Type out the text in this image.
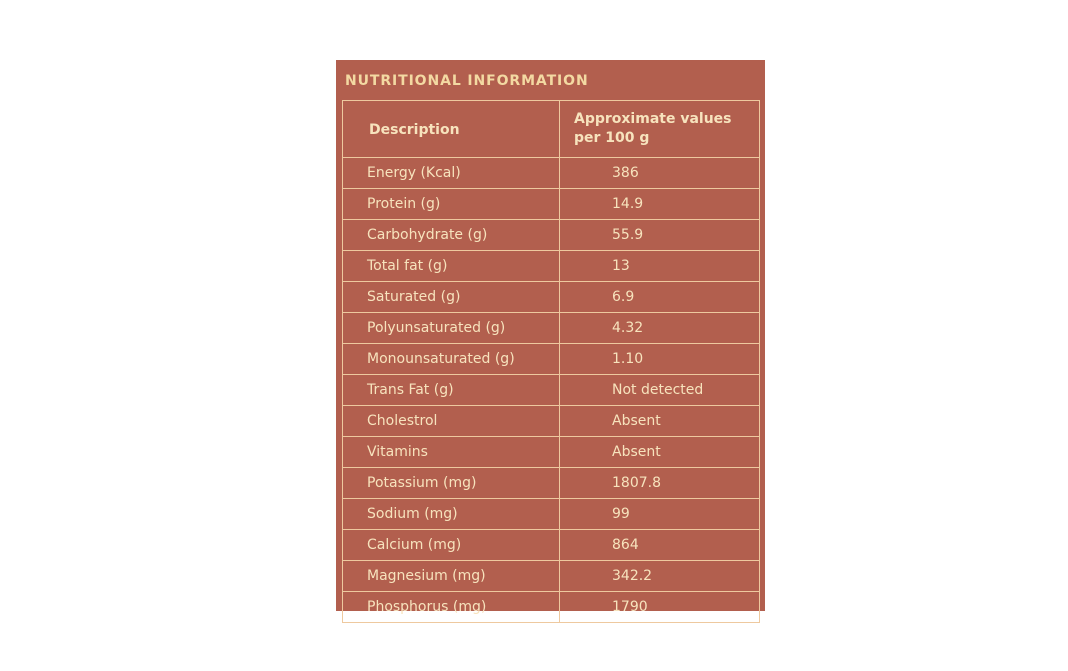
NUTRITIONAL INFORMATION
Description	Approximate values per 100 g
Energy (Kcal)	386
Protein (g)	14.9
Carbohydrate (g)	55.9
Total fat (g)	13
Saturated (g)	6.9
Polyunsaturated (g)	4.32
Monounsaturated (g)	1.10
Trans Fat (g)	Not detected
Cholestrol	Absent
Vitamins	Absent
Potassium (mg)	1807.8
Sodium (mg)	99
Calcium (mg)	864
Magnesium (mg)	342.2
Phosphorus (mg)	1790
